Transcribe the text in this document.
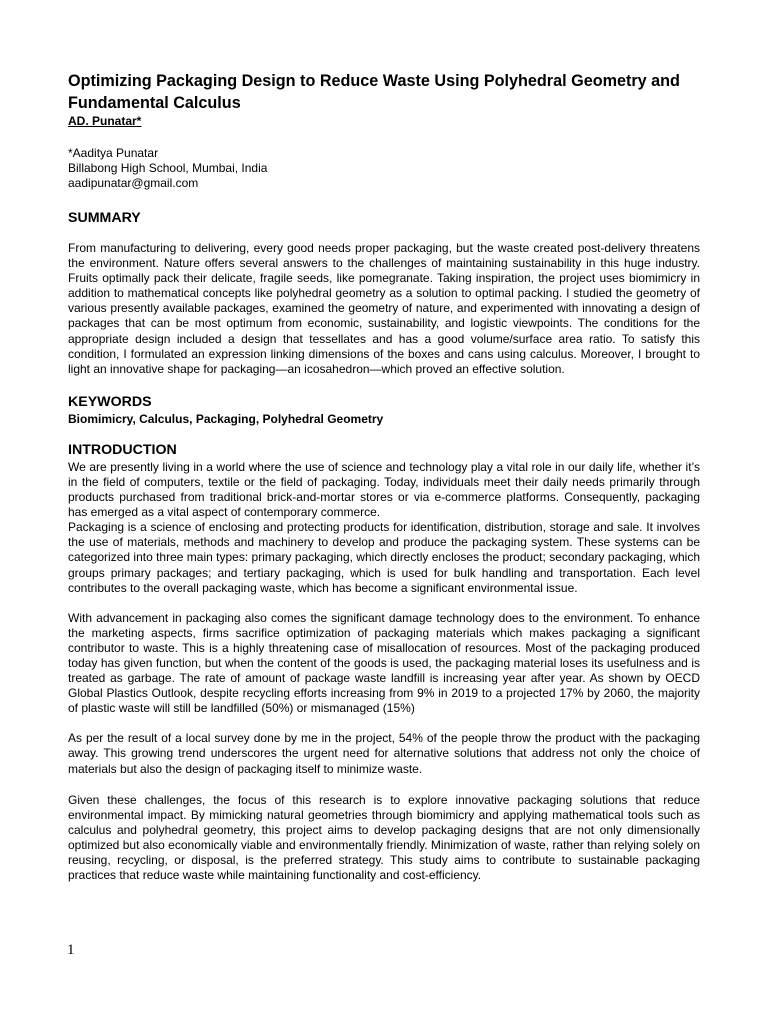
Optimizing Packaging Design to Reduce Waste Using Polyhedral Geometry and Fundamental Calculus

AD. Punatar*

*Aaditya Punatar
Billabong High School, Mumbai, India
aadipunatar@gmail.com
SUMMARY

From manufacturing to delivering, every good needs proper packaging, but the waste created post-delivery threatens the environment. Nature offers several answers to the challenges of maintaining sustainability in this huge industry. Fruits optimally pack their delicate, fragile seeds, like pomegranate. Taking inspiration, the project uses biomimicry in addition to mathematical concepts like polyhedral geometry as a solution to optimal packing. I studied the geometry of various presently available packages, examined the geometry of nature, and experimented with innovating a design of packages that can be most optimum from economic, sustainability, and logistic viewpoints. The conditions for the appropriate design included a design that tessellates and has a good volume/surface area ratio. To satisfy this condition, I formulated an expression linking dimensions of the boxes and cans using calculus. Moreover, I brought to light an innovative shape for packaging—an icosahedron—which proved an effective solution.

KEYWORDS
Biomimicry, Calculus, Packaging, Polyhedral Geometry
INTRODUCTION

We are presently living in a world where the use of science and technology play a vital role in our daily life, whether it’s in the field of computers, textile or the field of packaging. Today, individuals meet their daily needs primarily through products purchased from traditional brick-and-mortar stores or via e-commerce platforms. Consequently, packaging has emerged as a vital aspect of contemporary commerce.

Packaging is a science of enclosing and protecting products for identification, distribution, storage and sale. It involves the use of materials, methods and machinery to develop and produce the packaging system. These systems can be categorized into three main types: primary packaging, which directly encloses the product; secondary packaging, which groups primary packages; and tertiary packaging, which is used for bulk handling and transportation. Each level contributes to the overall packaging waste, which has become a significant environmental issue.

With advancement in packaging also comes the significant damage technology does to the environment. To enhance the marketing aspects, firms sacrifice optimization of packaging materials which makes packaging a significant contributor to waste. This is a highly threatening case of misallocation of resources. Most of the packaging produced today has given function, but when the content of the goods is used, the packaging material loses its usefulness and is treated as garbage. The rate of amount of package waste landfill is increasing year after year. As shown by OECD Global Plastics Outlook, despite recycling efforts increasing from 9% in 2019 to a projected 17% by 2060, the majority of plastic waste will still be landfilled (50%) or mismanaged (15%)

As per the result of a local survey done by me in the project, 54% of the people throw the product with the packaging away. This growing trend underscores the urgent need for alternative solutions that address not only the choice of materials but also the design of packaging itself to minimize waste.

Given these challenges, the focus of this research is to explore innovative packaging solutions that reduce environmental impact. By mimicking natural geometries through biomimicry and applying mathematical tools such as calculus and polyhedral geometry, this project aims to develop packaging designs that are not only dimensionally optimized but also economically viable and environmentally friendly. Minimization of waste, rather than relying solely on reusing, recycling, or disposal, is the preferred strategy. This study aims to contribute to sustainable packaging practices that reduce waste while maintaining functionality and cost-efficiency.

1
